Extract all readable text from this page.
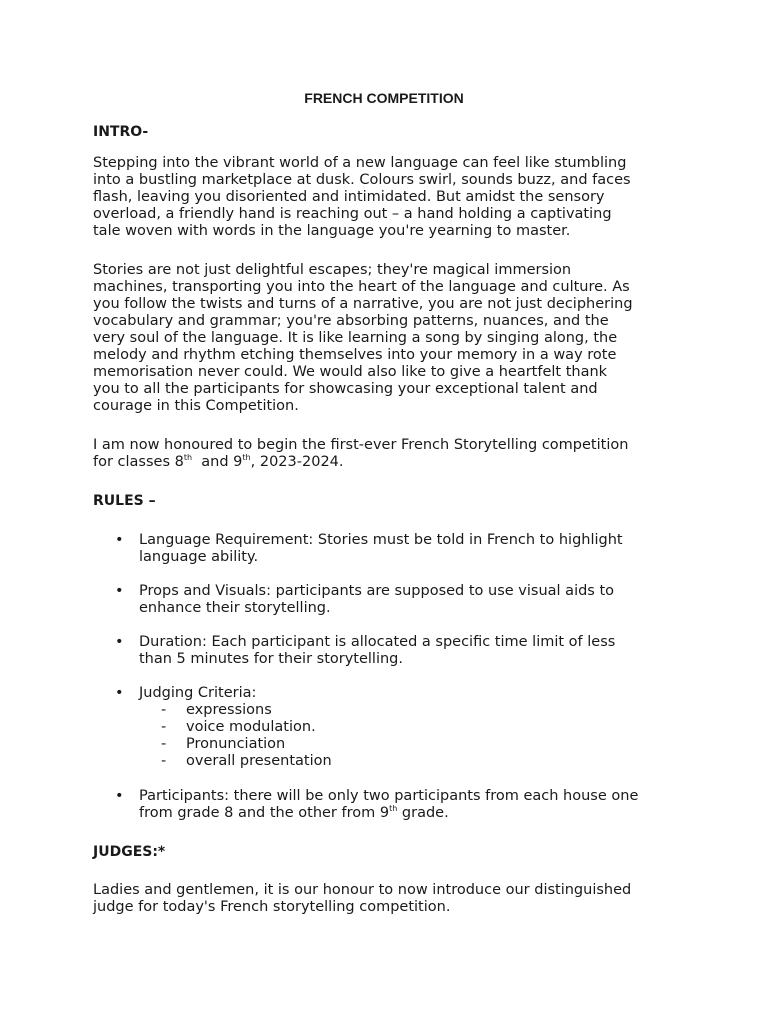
FRENCH COMPETITION
INTRO-
Stepping into the vibrant world of a new language can feel like stumbling
into a bustling marketplace at dusk. Colours swirl, sounds buzz, and faces
flash, leaving you disoriented and intimidated. But amidst the sensory
overload, a friendly hand is reaching out – a hand holding a captivating
tale woven with words in the language you're yearning to master.
Stories are not just delightful escapes; they're magical immersion
machines, transporting you into the heart of the language and culture. As
you follow the twists and turns of a narrative, you are not just deciphering
vocabulary and grammar; you're absorbing patterns, nuances, and the
very soul of the language. It is like learning a song by singing along, the
melody and rhythm etching themselves into your memory in a way rote
memorisation never could. We would also like to give a heartfelt thank
you to all the participants for showcasing your exceptional talent and
courage in this Competition.
I am now honoured to begin the first-ever French Storytelling competition
for classes 8th  and 9th, 2023-2024.
RULES –
• Language Requirement: Stories must be told in French to highlight
language ability.
• Props and Visuals: participants are supposed to use visual aids to
enhance their storytelling.
• Duration: Each participant is allocated a specific time limit of less
than 5 minutes for their storytelling.
• Judging Criteria:
- expressions
- voice modulation.
- Pronunciation
- overall presentation
• Participants: there will be only two participants from each house one
from grade 8 and the other from 9th grade.
JUDGES:*
Ladies and gentlemen, it is our honour to now introduce our distinguished
judge for today's French storytelling competition.
